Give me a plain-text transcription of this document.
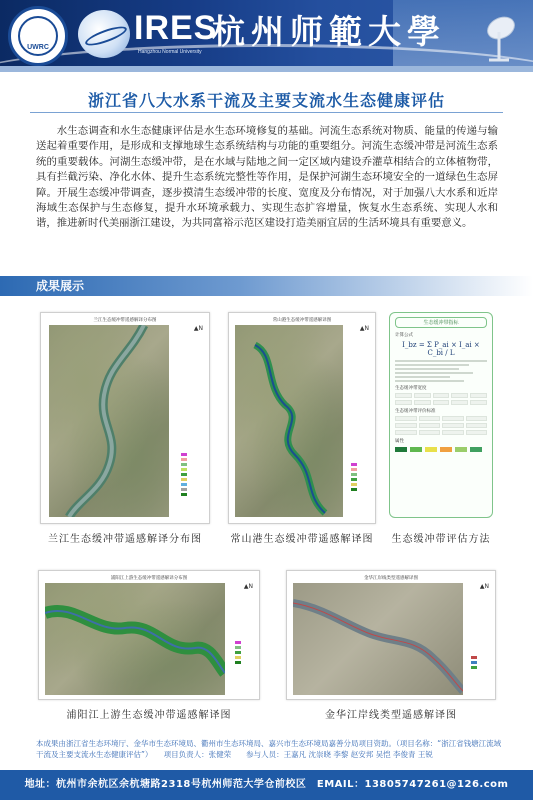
UWRC
IRES
Hangzhou Normal University
杭州师範大學
浙江省八大水系干流及主要支流水生态健康评估

水生态调查和水生态健康评估是水生态环境修复的基础。河流生态系统对物质、能量的传递与输送起着重要作用，是形成和支撑地球生态系统结构与功能的重要组分。河流生态缓冲带是河流生态系统的重要载体。河湖生态缓冲带，是在水域与陆地之间一定区域内建设乔灌草相结合的立体植物带，具有拦截污染、净化水体、提升生态系统完整性等作用，是保护河湖生态环境安全的一道绿色生态屏障。开展生态缓冲带调查，逐步摸清生态缓冲带的长度、宽度及分布情况，对于加强八大水系和近岸海域生态保护与生态修复，提升水环境承载力、实现生态扩容增量，恢复水生态系统、实现人水和谐，推进新时代美丽浙江建设，为共同富裕示范区建设打造美丽宜居的生活环境具有重要意义。

成果展示
兰江生态缓冲带遥感解译分布图
▲N
兰江生态缓冲带遥感解译分布图
常山港生态缓冲带遥感解译图
▲N
常山港生态缓冲带遥感解译图
生态缓冲带指标
计算公式
I_bz = Σ P_ai × I_ai × C_bi / L
生态缓冲带宽度
生态缓冲带评价标准
属性
生态缓冲带评估方法
浦阳江上游生态缓冲带遥感解译分布图
▲N
浦阳江上游生态缓冲带遥感解译图
金华江岸线类型遥感解译图
▲N
金华江岸线类型遥感解译图

本成果由浙江省生态环境厅、金华市生态环境局、衢州市生态环境局、嘉兴市生态环境局嘉善分局项目资助。（项目名称：“浙江省钱塘江流域干流及主要支流水生态健康评估”）　　项目负责人：张健荣　　参与人员：王嘉凡 沈崇晓 李黎 赵安邦 吴恺 李俊青 王锐

地址：杭州市余杭区余杭塘路2318号杭州师范大学仓前校区　EMAIL：13805747261@126.com
